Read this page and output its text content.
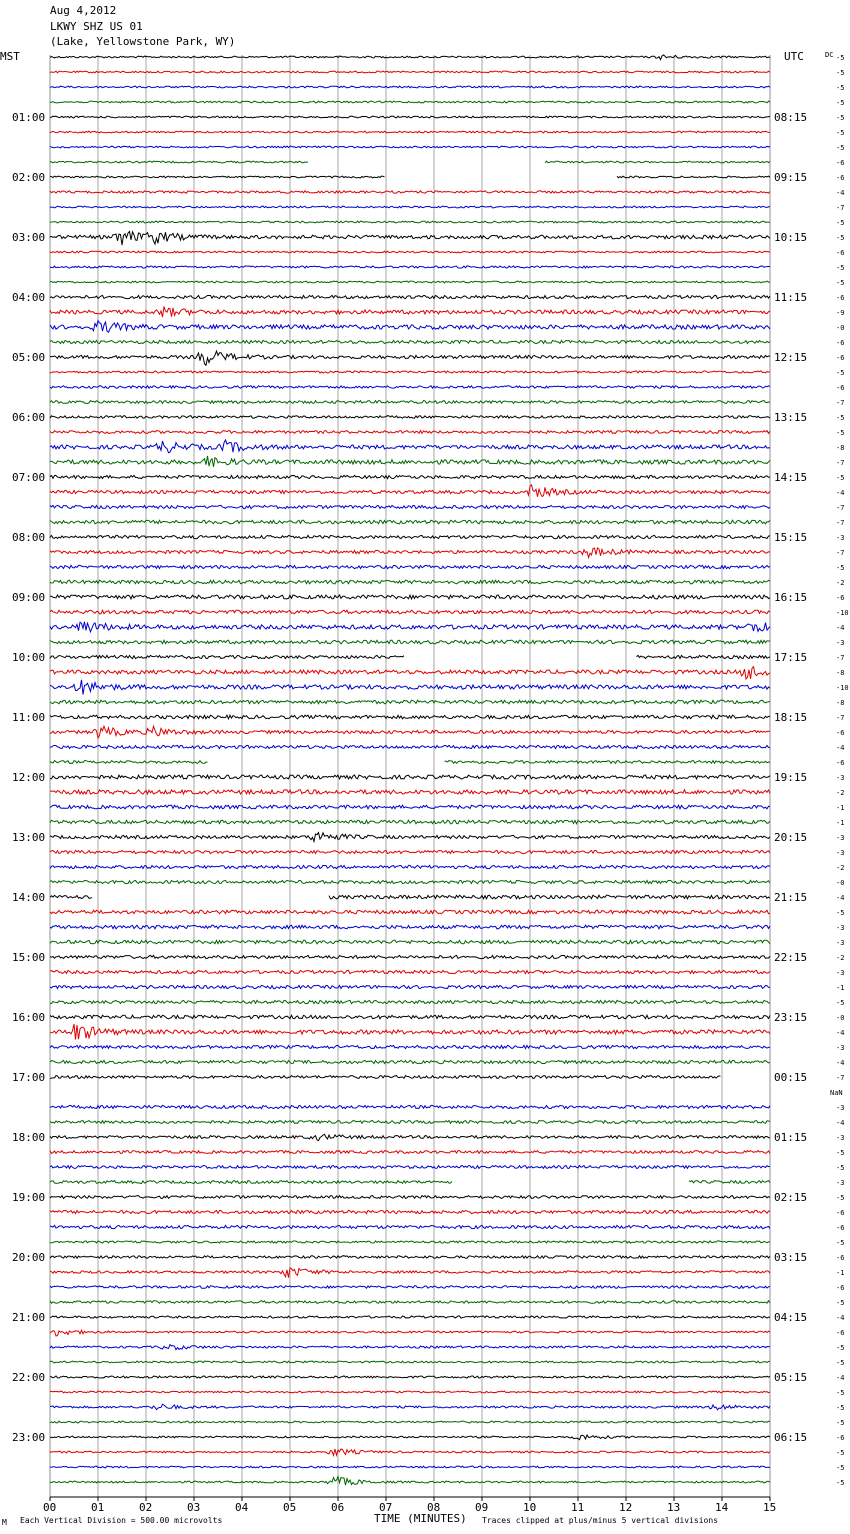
Aug 4,2012
LKWY SHZ US 01
(Lake, Yellowstone Park, WY)
MST	UTC	DC
TIME (MINUTES)
Each Vertical Division = 500.00 microvolts	Traces clipped at plus/minus 5 vertical divisions
M
00	01	02	03	04	05	06	07	08	09	10	11	12	13	14	15
01:00
02:00
03:00
04:00
05:00
06:00
07:00
08:00
09:00
10:00
11:00
12:00
13:00
14:00
15:00
16:00
17:00
18:00
19:00
20:00
21:00
22:00
23:00
08:15
09:15
10:15
11:15
12:15
13:15
14:15
15:15
16:15
17:15
18:15
19:15
20:15
21:15
22:15
23:15
00:15
01:15
02:15
03:15
04:15
05:15
06:15
-5
-5
-5
-5
-5
-5
-5
-6
-6
-4
-7
-5
-5
-6
-5
-5
-6
-9
-0
-6
-6
-5
-6
-7
-5
-5
-8
-7
-5
-4
-7
-7
-3
-7
-5
-2
-6
-10
-4
-3
-7
-8
-10
-8
-7
-6
-4
-6
-3
-2
-1
-1
-3
-3
-2
-0
-4
-5
-3
-3
-2
-3
-1
-5
-0
-4
-3
-4
-7
NaN
-3
-4
-3
-5
-5
-3
-5
-6
-6
-5
-6
-1
-6
-5
-4
-6
-5
-5
-4
-5
-5
-5
-6
-5
-5
-5
